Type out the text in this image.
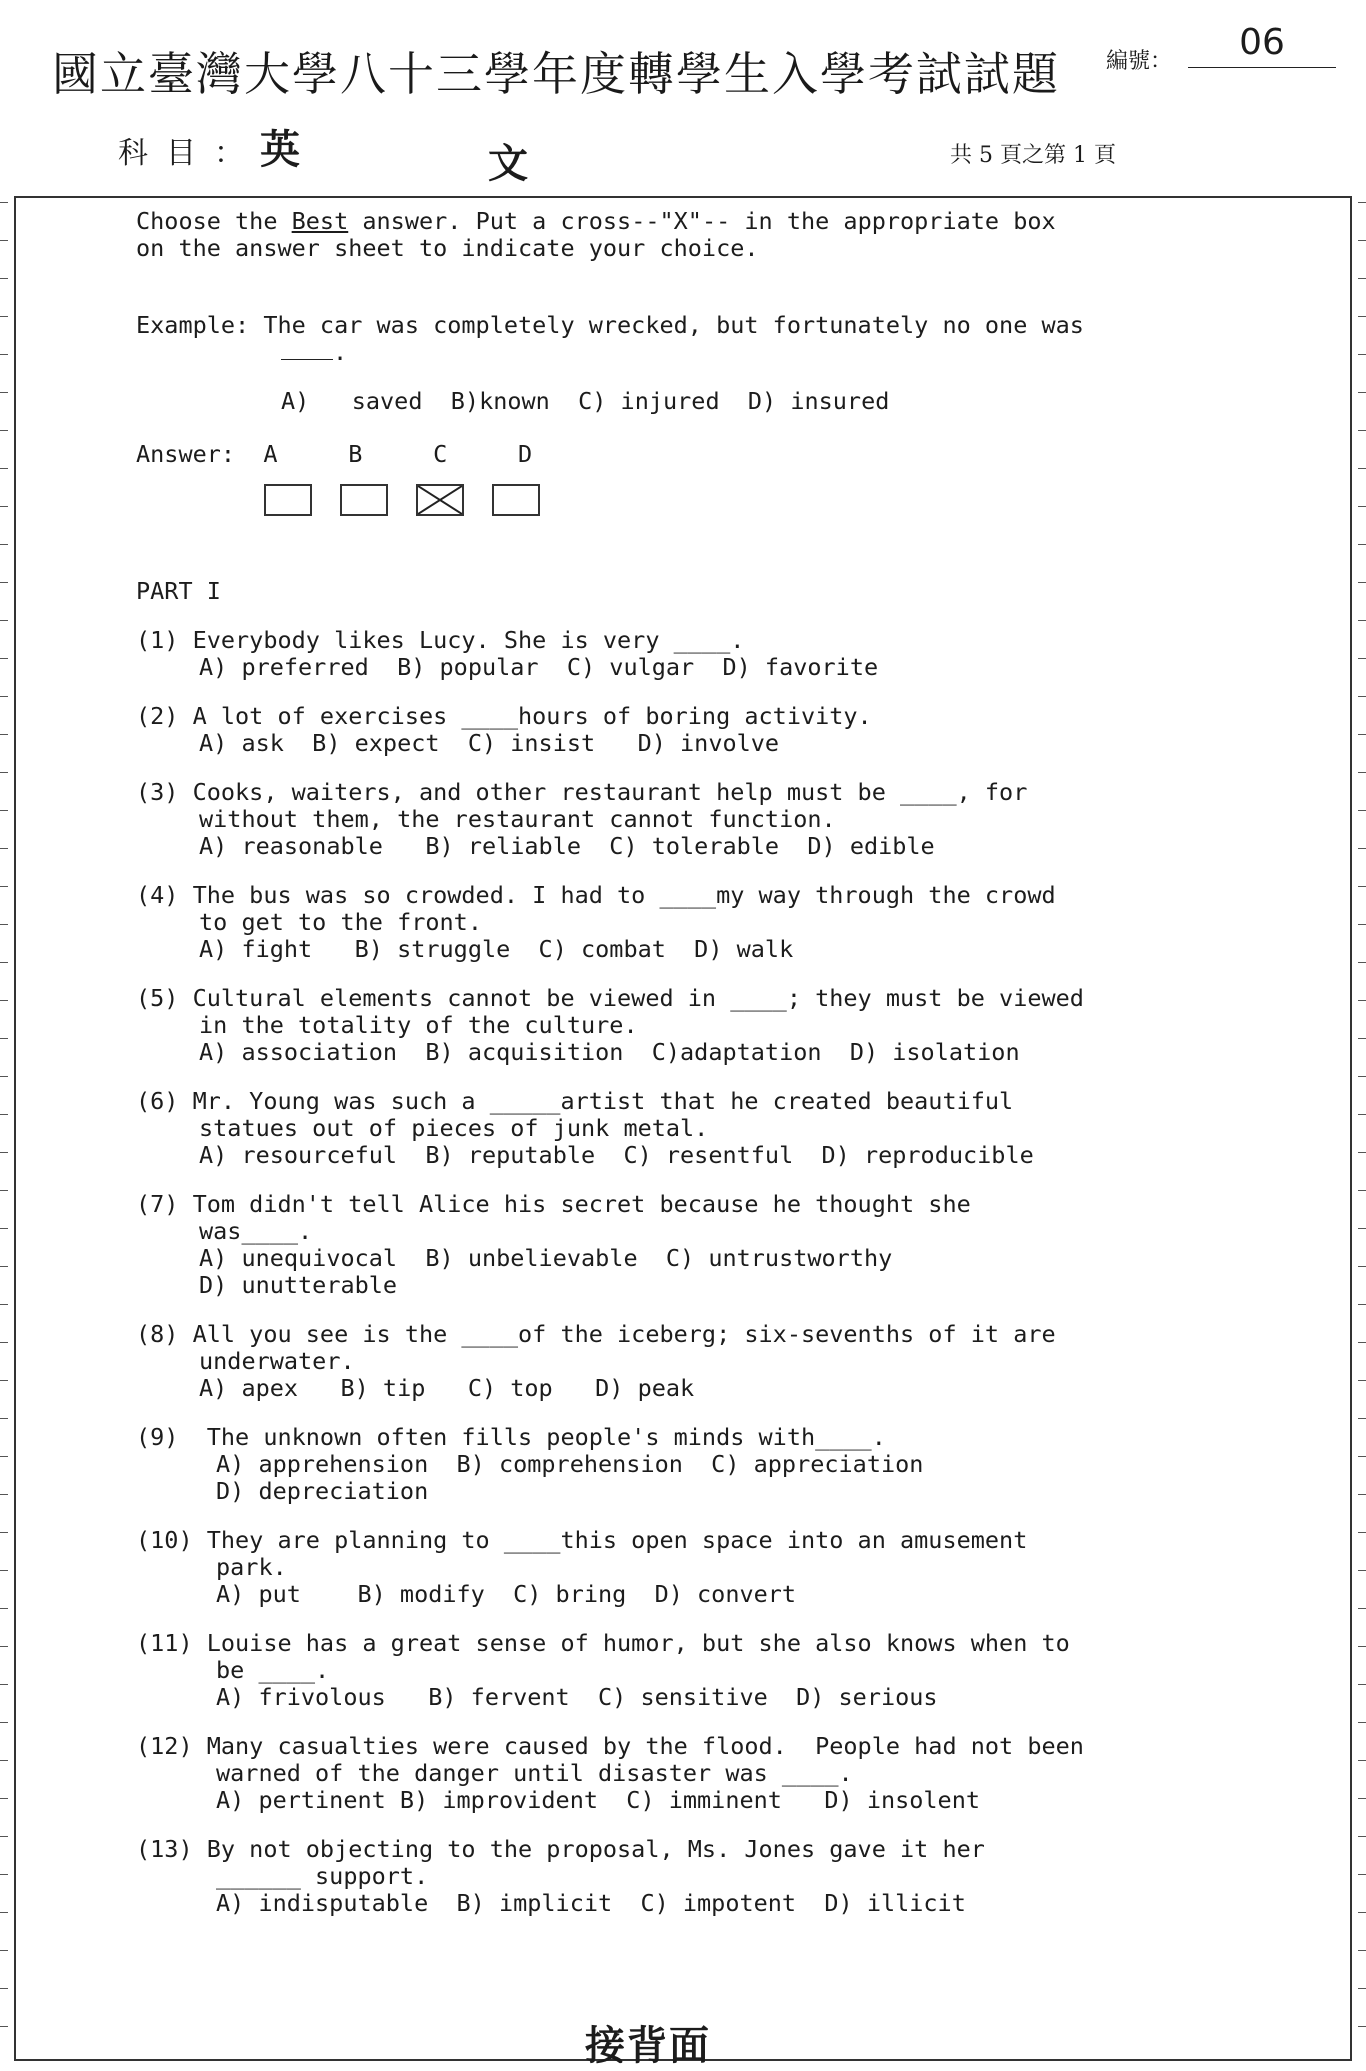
國立臺灣大學八十三學年度轉學生入學考試試題 編號：	06
科目：
英	文	共 5 頁之第 1 頁
Choose the Best answer. Put a cross--"X"-- in the appropriate box
on the answer sheet to indicate your choice.
Example: The car was completely wrecked, but fortunately no one was
.
A)   saved  B)known  C) injured  D) insured
Answer:  A     B     C     D
PART I
(1) Everybody likes Lucy. She is very ____.
A) preferred  B) popular  C) vulgar  D) favorite
(2) A lot of exercises ____hours of boring activity.
A) ask  B) expect  C) insist   D) involve
(3) Cooks, waiters, and other restaurant help must be ____, for
without them, the restaurant cannot function.
A) reasonable   B) reliable  C) tolerable  D) edible
(4) The bus was so crowded. I had to ____my way through the crowd
to get to the front.
A) fight   B) struggle  C) combat  D) walk
(5) Cultural elements cannot be viewed in ____; they must be viewed
in the totality of the culture.
A) association  B) acquisition  C)adaptation  D) isolation
(6) Mr. Young was such a _____artist that he created beautiful
statues out of pieces of junk metal.
A) resourceful  B) reputable  C) resentful  D) reproducible
(7) Tom didn't tell Alice his secret because he thought she
was____.
A) unequivocal  B) unbelievable  C) untrustworthy
D) unutterable
(8) All you see is the ____of the iceberg; six-sevenths of it are
underwater.
A) apex   B) tip   C) top   D) peak
(9)  The unknown often fills people's minds with____.
A) apprehension  B) comprehension  C) appreciation
D) depreciation
(10) They are planning to ____this open space into an amusement
park.
A) put    B) modify  C) bring  D) convert
(11) Louise has a great sense of humor, but she also knows when to
be ____.
A) frivolous   B) fervent  C) sensitive  D) serious
(12) Many casualties were caused by the flood.  People had not been
warned of the danger until disaster was ____.
A) pertinent B) improvident  C) imminent   D) insolent
(13) By not objecting to the proposal, Ms. Jones gave it her
______ support.
A) indisputable  B) implicit  C) impotent  D) illicit
接背面
